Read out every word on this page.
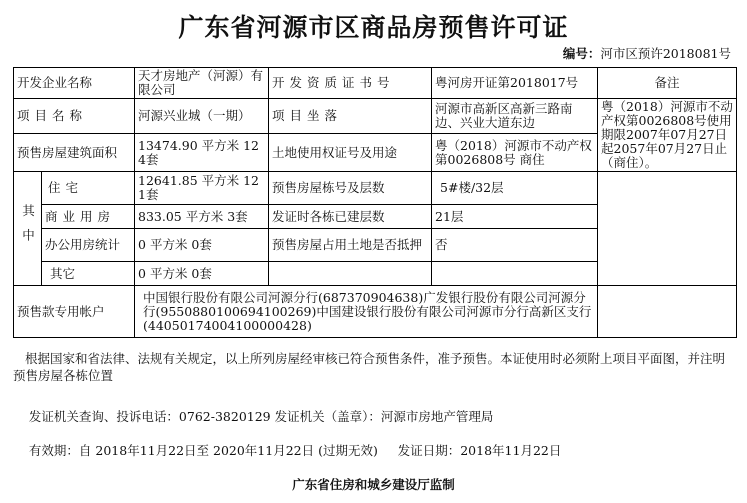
广东省河源市区商品房预售许可证
编号：河市区预许2018081号
开发企业名称		天才房地产（河源）有限公司	开发资质证书号	粤河房开证第2018017号	备注
项目名称		河源兴业城（一期）	项目坐落	河源市高新区高新三路南边、兴业大道东边	粤（2018）河源市不动产权第0026808号使用期限2007年07月27日起2057年07月27日止（商住）。
预售房屋建筑面积		13474.90 平方米 124套	土地使用权证号及用途	粤（2018）河源市不动产权第0026808号 商住	

其中	住宅	12641.85 平方米 121套	预售房屋栋号及层数	5#楼/32层	
	商业用房	833.05 平方米 3套	发证时各栋已建层数	21层	
	办公用房统计	0 平方米 0套	预售房屋占用土地是否抵押	否	
	其它	0 平方米 0套			
预售款专用帐户		中国银行股份有限公司河源分行(687370904638)广发银行股份有限公司河源分行(9550880100694100269)中国建设银行股份有限公司河源市分行高新区支行(44050174004100000428)			
根据国家和省法律、法规有关规定，以上所列房屋经审核已符合预售条件，准予预售。本证使用时必须附上项目平面图，并注明预售房屋各栋位置
发证机关查询、投诉电话：0762-3820129 发证机关（盖章）：河源市房地产管理局
有效期：自 2018年11月22日至 2020年11月22日 (过期无效) 发证日期：2018年11月22日
广东省住房和城乡建设厅监制
